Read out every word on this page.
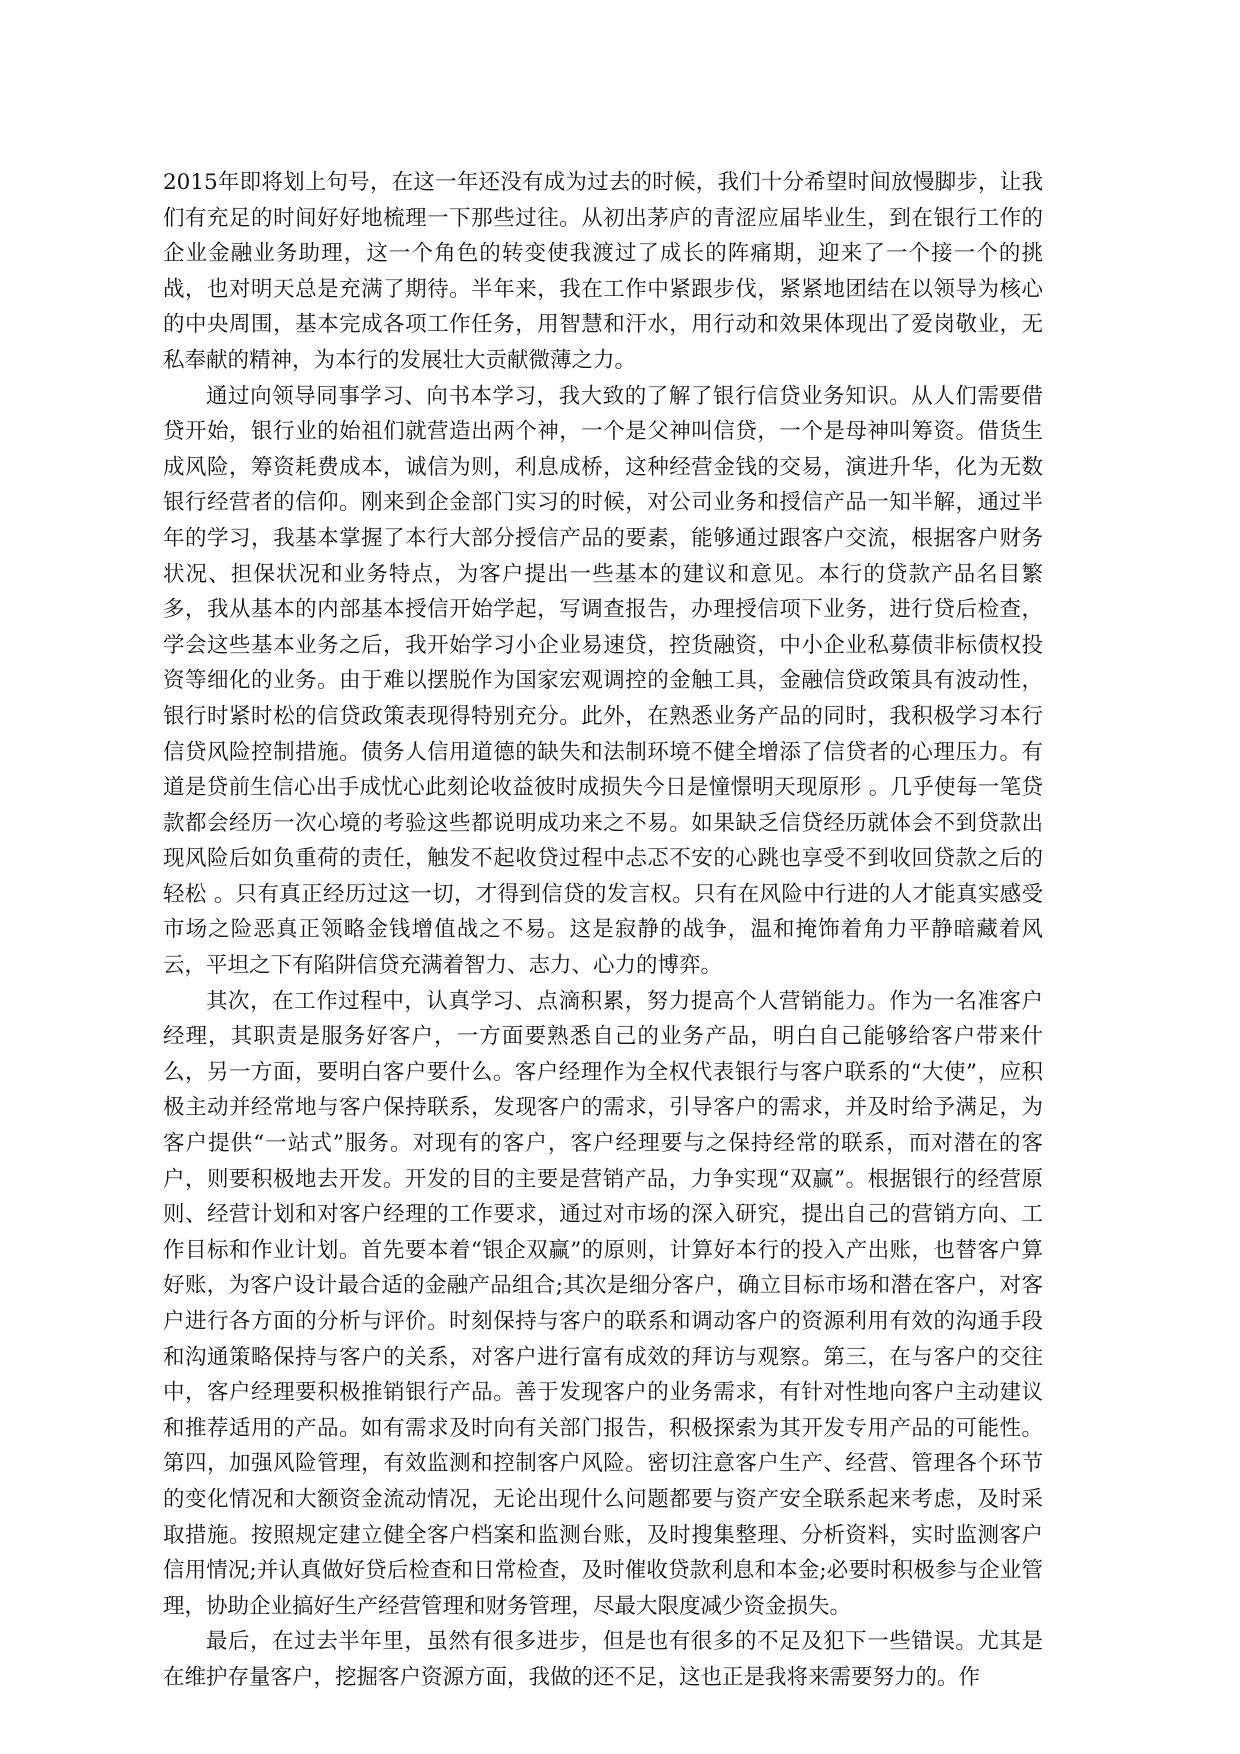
2015年即将划上句号，在这一年还没有成为过去的时候，我们十分希望时间放慢脚步，让我们有充足的时间好好地梳理一下那些过往。从初出茅庐的青涩应届毕业生，到在银行工作的企业金融业务助理，这一个角色的转变使我渡过了成长的阵痛期，迎来了一个接一个的挑战，也对明天总是充满了期待。半年来，我在工作中紧跟步伐，紧紧地团结在以领导为核心的中央周围，基本完成各项工作任务，用智慧和汗水，用行动和效果体现出了爱岗敬业，无私奉献的精神，为本行的发展壮大贡献微薄之力。

通过向领导同事学习、向书本学习，我大致的了解了银行信贷业务知识。从人们需要借贷开始，银行业的始祖们就营造出两个神，一个是父神叫信贷，一个是母神叫筹资。借货生成风险，筹资耗费成本，诚信为则，利息成桥，这种经营金钱的交易，演进升华，化为无数银行经营者的信仰。刚来到企金部门实习的时候，对公司业务和授信产品一知半解，通过半年的学习，我基本掌握了本行大部分授信产品的要素，能够通过跟客户交流，根据客户财务状况、担保状况和业务特点，为客户提出一些基本的建议和意见。本行的贷款产品名目繁多，我从基本的内部基本授信开始学起，写调查报告，办理授信项下业务，进行贷后检查，学会这些基本业务之后，我开始学习小企业易速贷，控货融资，中小企业私募债非标债权投资等细化的业务。由于难以摆脱作为国家宏观调控的金触工具，金融信贷政策具有波动性，银行时紧时松的信贷政策表现得特别充分。此外，在熟悉业务产品的同时，我积极学习本行信贷风险控制措施。债务人信用道德的缺失和法制环境不健全增添了信贷者的心理压力。有道是贷前生信心出手成忧心此刻论收益彼时成损失今日是憧憬明天现原形 。几乎使每一笔贷款都会经历一次心境的考验这些都说明成功来之不易。如果缺乏信贷经历就体会不到贷款出现风险后如负重荷的责任，触发不起收贷过程中忐忑不安的心跳也享受不到收回贷款之后的轻松 。只有真正经历过这一切，才得到信贷的发言权。只有在风险中行进的人才能真实感受市场之险恶真正领略金钱增值战之不易。这是寂静的战争，温和掩饰着角力平静暗藏着风云，平坦之下有陷阱信贷充满着智力、志力、心力的博弈。

其次，在工作过程中，认真学习、点滴积累，努力提高个人营销能力。作为一名准客户经理，其职责是服务好客户，一方面要熟悉自己的业务产品，明白自己能够给客户带来什么，另一方面，要明白客户要什么。客户经理作为全权代表银行与客户联系的“大使”，应积极主动并经常地与客户保持联系，发现客户的需求，引导客户的需求，并及时给予满足，为客户提供“一站式”服务。对现有的客户，客户经理要与之保持经常的联系，而对潜在的客户，则要积极地去开发。开发的目的主要是营销产品，力争实现“双赢”。根据银行的经营原则、经营计划和对客户经理的工作要求，通过对市场的深入研究，提出自己的营销方向、工作目标和作业计划。首先要本着“银企双赢”的原则，计算好本行的投入产出账，也替客户算好账，为客户设计最合适的金融产品组合;其次是细分客户，确立目标市场和潜在客户，对客户进行各方面的分析与评价。时刻保持与客户的联系和调动客户的资源利用有效的沟通手段和沟通策略保持与客户的关系，对客户进行富有成效的拜访与观察。第三，在与客户的交往中，客户经理要积极推销银行产品。善于发现客户的业务需求，有针对性地向客户主动建议和推荐适用的产品。如有需求及时向有关部门报告，积极探索为其开发专用产品的可能性。第四，加强风险管理，有效监测和控制客户风险。密切注意客户生产、经营、管理各个环节的变化情况和大额资金流动情况，无论出现什么问题都要与资产安全联系起来考虑，及时采取措施。按照规定建立健全客户档案和监测台账，及时搜集整理、分析资料，实时监测客户信用情况;并认真做好贷后检查和日常检查，及时催收贷款利息和本金;必要时积极参与企业管理，协助企业搞好生产经营管理和财务管理，尽最大限度减少资金损失。

最后，在过去半年里，虽然有很多进步，但是也有很多的不足及犯下一些错误。尤其是在维护存量客户，挖掘客户资源方面，我做的还不足，这也正是我将来需要努力的。作
